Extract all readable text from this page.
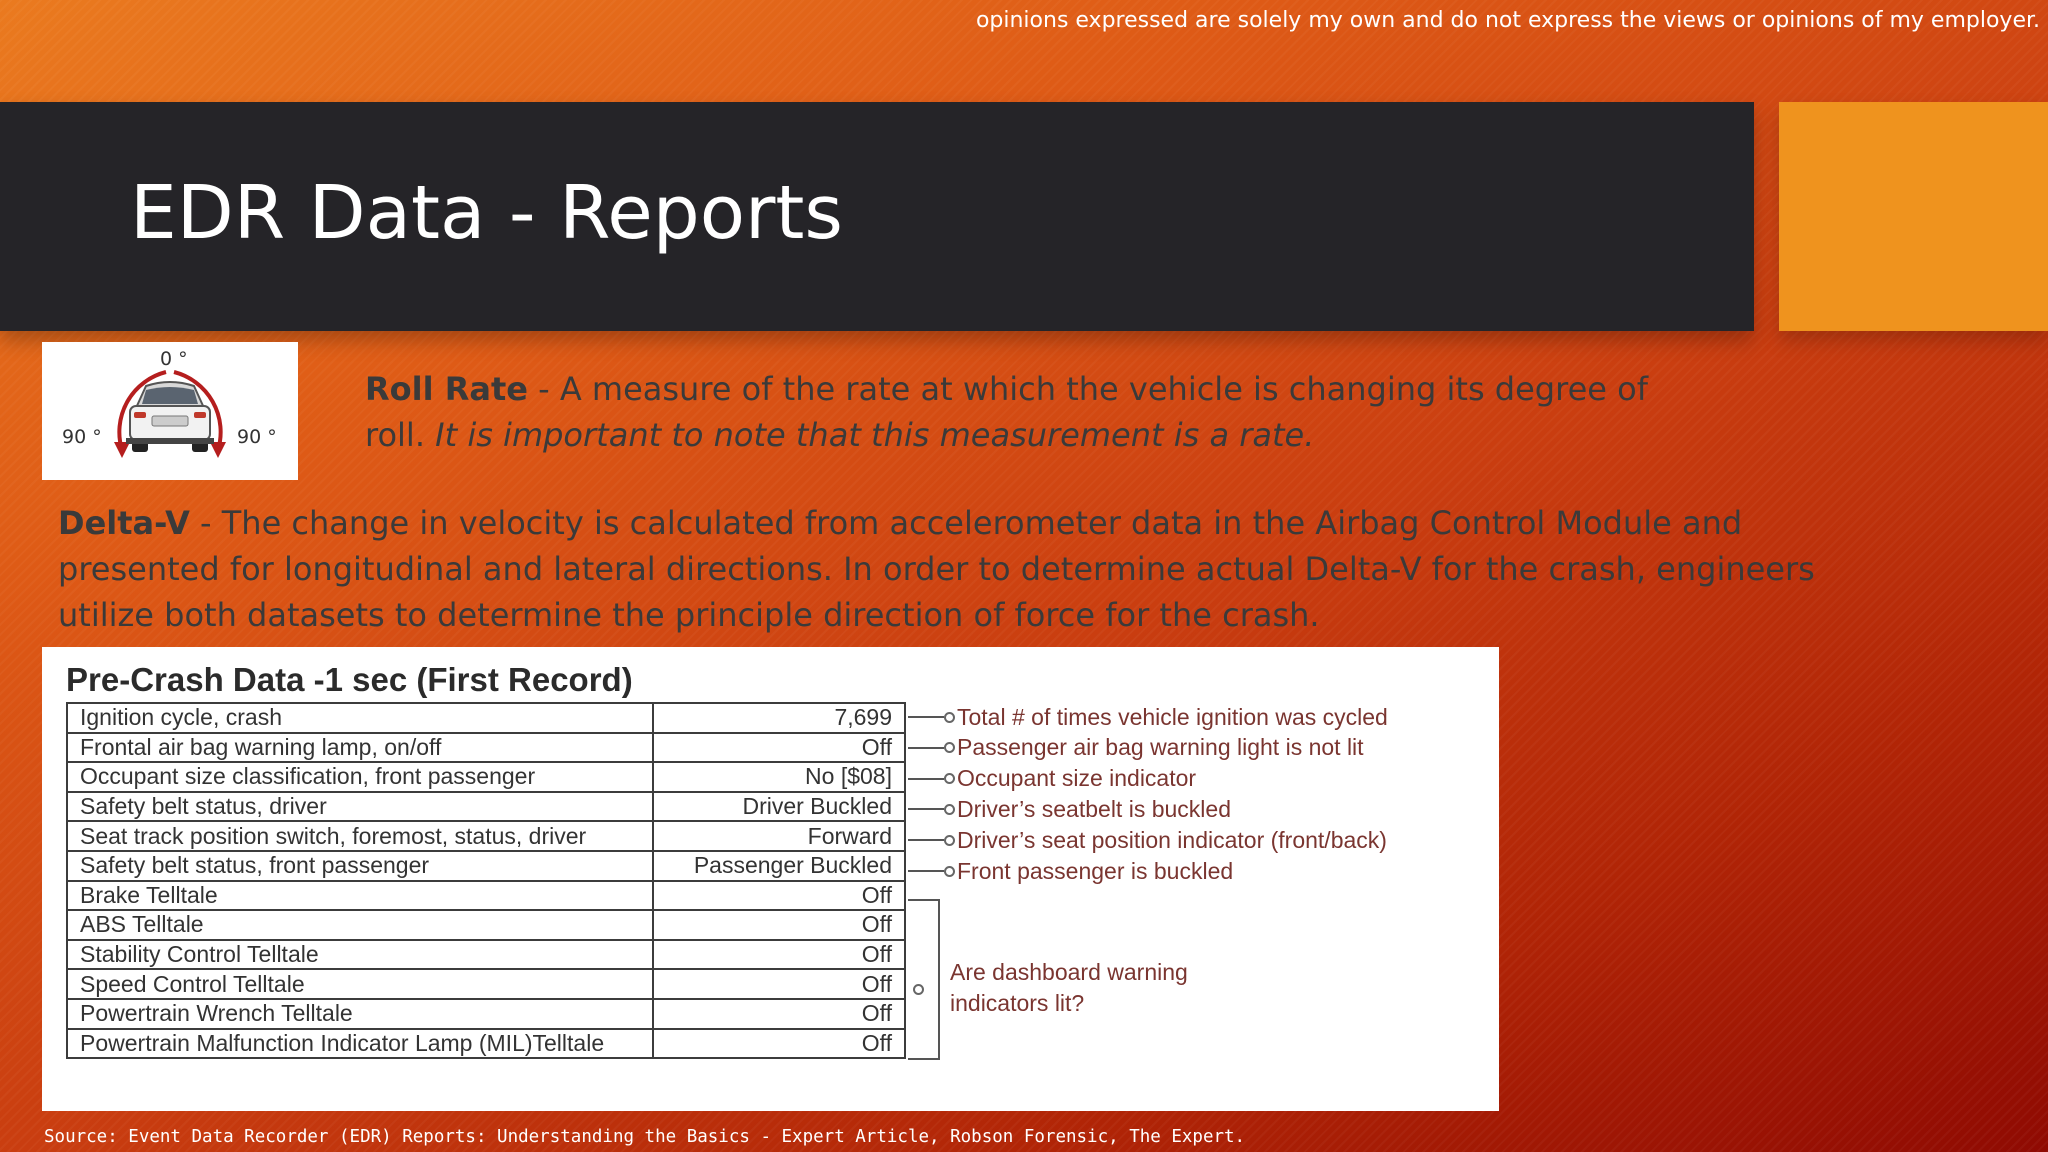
opinions expressed are solely my own and do not express the views or opinions of my employer.
EDR Data - Reports
0 °
90 °	90 °
Roll Rate - A measure of the rate at which the vehicle is changing its degree of roll. It is important to note that this measurement is a rate.
Delta-V - The change in velocity is calculated from accelerometer data in the Airbag Control Module and presented for longitudinal and lateral directions. In order to determine actual Delta-V for the crash, engineers utilize both datasets to determine the principle direction of force for the crash.
Pre-Crash Data -1 sec (First Record)
Ignition cycle, crash	7,699
Frontal air bag warning lamp, on/off	Off
Occupant size classification, front passenger	No [$08]
Safety belt status, driver	Driver Buckled
Seat track position switch, foremost, status, driver	Forward
Safety belt status, front passenger	Passenger Buckled
Brake Telltale	Off
ABS Telltale	Off
Stability Control Telltale	Off
Speed Control Telltale	Off
Powertrain Wrench Telltale	Off
Powertrain Malfunction Indicator Lamp (MIL)Telltale	Off
Total # of times vehicle ignition was cycled
Passenger air bag warning light is not lit
Occupant size indicator
Driver’s seatbelt is buckled
Driver’s seat position indicator (front/back)
Front passenger is buckled
Are dashboard warning indicators lit?
Source: Event Data Recorder (EDR) Reports: Understanding the Basics - Expert Article, Robson Forensic, The Expert.
